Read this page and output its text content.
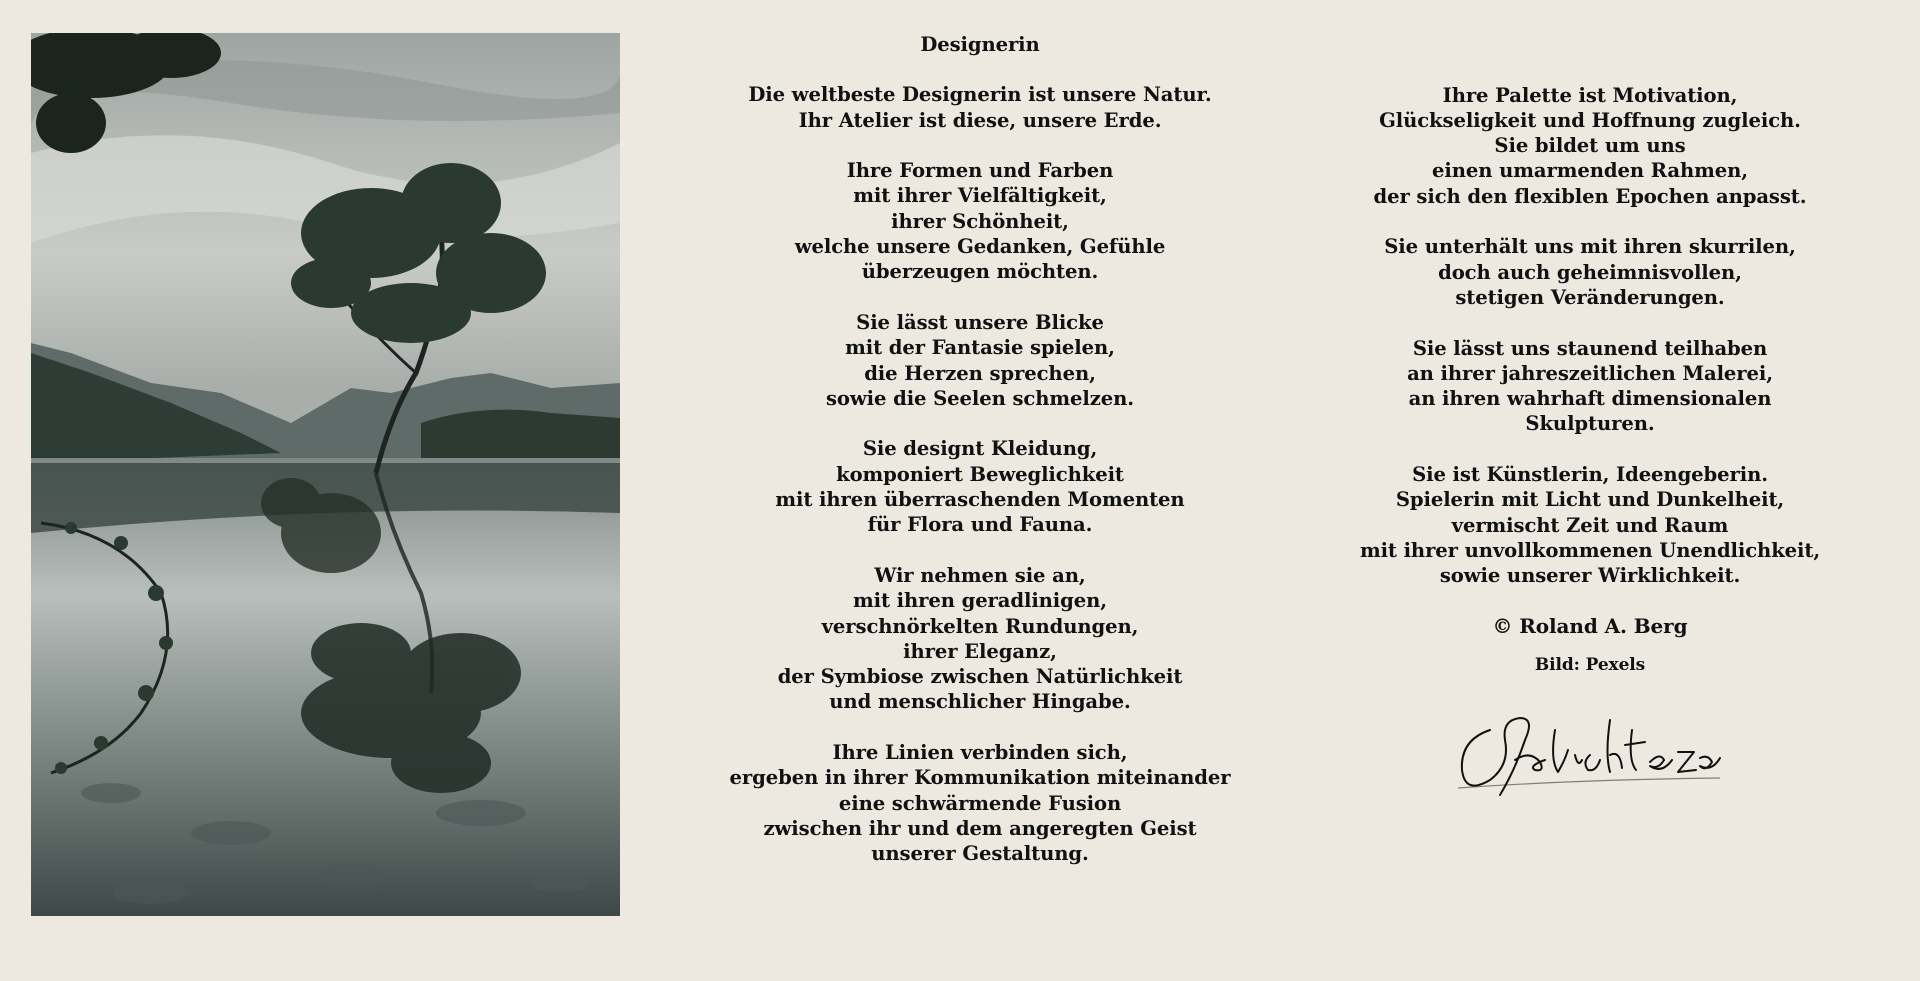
Designerin
Die weltbeste Designerin ist unsere Natur.
Ihr Atelier ist diese, unsere Erde.
Ihre Formen und Farben
mit ihrer Vielfältigkeit,
ihrer Schönheit,
welche unsere Gedanken, Gefühle
überzeugen möchten.
Sie lässt unsere Blicke
mit der Fantasie spielen,
die Herzen sprechen,
sowie die Seelen schmelzen.
Sie designt Kleidung,
komponiert Beweglichkeit
mit ihren überraschenden Momenten
für Flora und Fauna.
Wir nehmen sie an,
mit ihren geradlinigen,
verschnörkelten Rundungen,
ihrer Eleganz,
der Symbiose zwischen Natürlichkeit
und menschlicher Hingabe.
Ihre Linien verbinden sich,
ergeben in ihrer Kommunikation miteinander
eine schwärmende Fusion
zwischen ihr und dem angeregten Geist
unserer Gestaltung.
Ihre Palette ist Motivation,
Glückseligkeit und Hoffnung zugleich.
Sie bildet um uns
einen umarmenden Rahmen,
der sich den flexiblen Epochen anpasst.
Sie unterhält uns mit ihren skurrilen,
doch auch geheimnisvollen,
stetigen Veränderungen.
Sie lässt uns staunend teilhaben
an ihrer jahreszeitlichen Malerei,
an ihren wahrhaft dimensionalen
Skulpturen.
Sie ist Künstlerin, Ideengeberin.
Spielerin mit Licht und Dunkelheit,
vermischt Zeit und Raum
mit ihrer unvollkommenen Unendlichkeit,
sowie unserer Wirklichkeit.
© Roland A. Berg
Bild: Pexels
